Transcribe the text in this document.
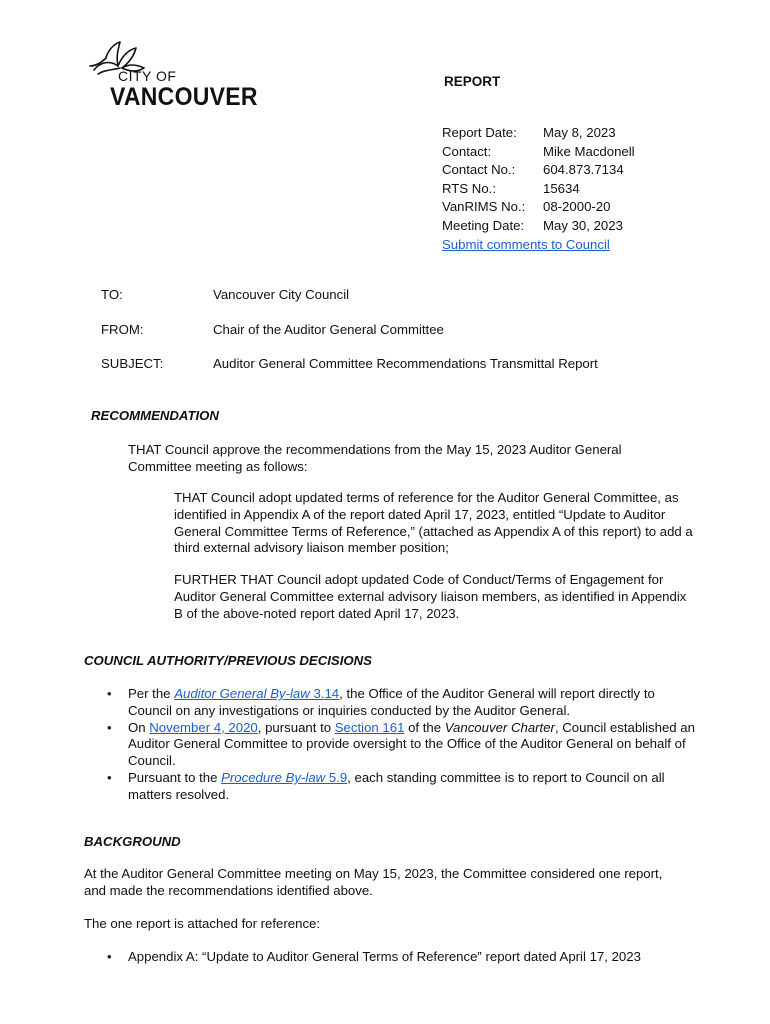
CITY OF
VANCOUVER
REPORT
Report Date: May 8, 2023
Contact:	Mike Macdonell
Contact No.: 604.873.7134
RTS No.:	15634
VanRIMS No.: 08-2000-20
Meeting Date: May 30, 2023
Submit comments to Council
TO:	Vancouver City Council
FROM:	Chair of the Auditor General Committee
SUBJECT:	Auditor General Committee Recommendations Transmittal Report
RECOMMENDATION
THAT Council approve the recommendations from the May 15, 2023 Auditor General Committee meeting as follows:
THAT Council adopt updated terms of reference for the Auditor General Committee, as identified in Appendix A of the report dated April 17, 2023, entitled “Update to Auditor General Committee Terms of Reference,” (attached as Appendix A of this report) to add a third external advisory liaison member position;
FURTHER THAT Council adopt updated Code of Conduct/Terms of Engagement for Auditor General Committee external advisory liaison members, as identified in Appendix B of the above-noted report dated April 17, 2023.
COUNCIL AUTHORITY/PREVIOUS DECISIONS
• Per the Auditor General By-law 3.14, the Office of the Auditor General will report directly to Council on any investigations or inquiries conducted by the Auditor General.
• On November 4, 2020, pursuant to Section 161 of the Vancouver Charter, Council established an Auditor General Committee to provide oversight to the Office of the Auditor General on behalf of Council.
• Pursuant to the Procedure By-law 5.9, each standing committee is to report to Council on all matters resolved.
BACKGROUND
At the Auditor General Committee meeting on May 15, 2023, the Committee considered one report, and made the recommendations identified above.
The one report is attached for reference:
• Appendix A: “Update to Auditor General Terms of Reference” report dated April 17, 2023
